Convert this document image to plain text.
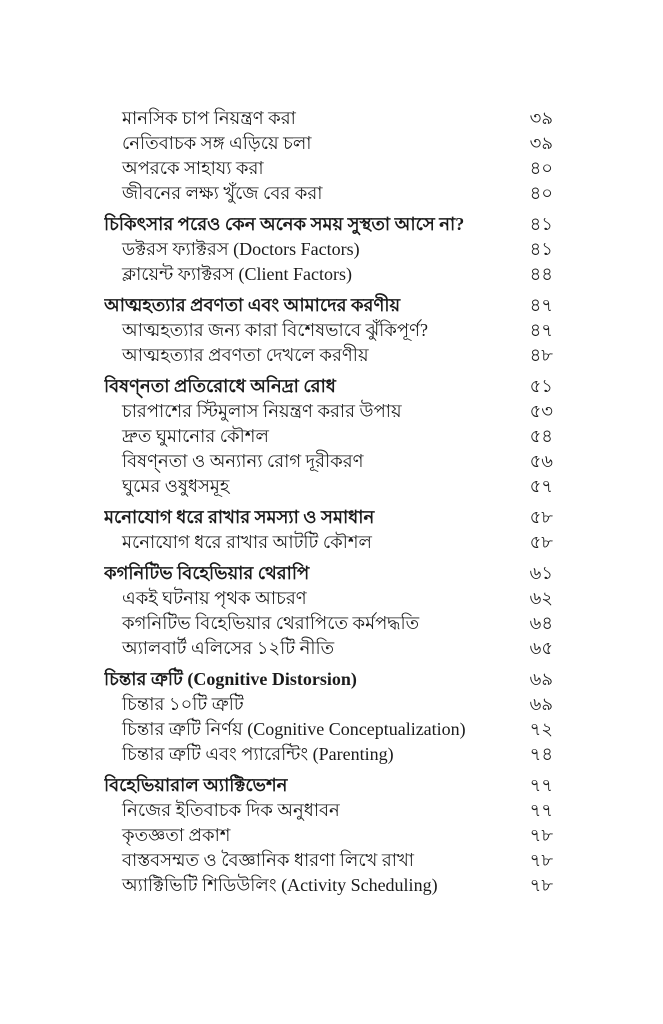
মানসিক চাপ নিয়ন্ত্রণ করা	৩৯
নেতিবাচক সঙ্গ এড়িয়ে চলা	৩৯
অপরকে সাহায্য করা	৪০
জীবনের লক্ষ্য খুঁজে বের করা	৪০
চিকিৎসার পরেও কেন অনেক সময় সুস্থতা আসে না?	৪১
ডক্টরস ফ্যাক্টরস (Doctors Factors)	৪১
ক্লায়েন্ট ফ্যাক্টরস (Client Factors)	৪৪
আত্মহত্যার প্রবণতা এবং আমাদের করণীয়	৪৭
আত্মহত্যার জন্য কারা বিশেষভাবে ঝুঁকিপূর্ণ?	৪৭
আত্মহত্যার প্রবণতা দেখলে করণীয়	৪৮
বিষণ্নতা প্রতিরোধে অনিদ্রা রোধ	৫১
চারপাশের স্টিমুলাস নিয়ন্ত্রণ করার উপায়	৫৩
দ্রুত ঘুমানোর কৌশল	৫৪
বিষণ্নতা ও অন্যান্য রোগ দূরীকরণ	৫৬
ঘুমের ওষুধসমূহ	৫৭
মনোযোগ ধরে রাখার সমস্যা ও সমাধান	৫৮
মনোযোগ ধরে রাখার আটটি কৌশল	৫৮
কগনিটিভ বিহেভিয়ার থেরাপি	৬১
একই ঘটনায় পৃথক আচরণ	৬২
কগনিটিভ বিহেভিয়ার থেরাপিতে কর্মপদ্ধতি	৬৪
অ্যালবার্ট এলিসের ১২টি নীতি	৬৫
চিন্তার ত্রুটি (Cognitive Distorsion)	৬৯
চিন্তার ১০টি ত্রুটি	৬৯
চিন্তার ত্রুটি নির্ণয় (Cognitive Conceptualization)	৭২
চিন্তার ত্রুটি এবং প্যারেন্টিং (Parenting)	৭৪
বিহেভিয়ারাল অ্যাক্টিভেশন	৭৭
নিজের ইতিবাচক দিক অনুধাবন	৭৭
কৃতজ্ঞতা প্রকাশ	৭৮
বাস্তবসম্মত ও বৈজ্ঞানিক ধারণা লিখে রাখা	৭৮
অ্যাক্টিভিটি শিডিউলিং (Activity Scheduling)	৭৮
